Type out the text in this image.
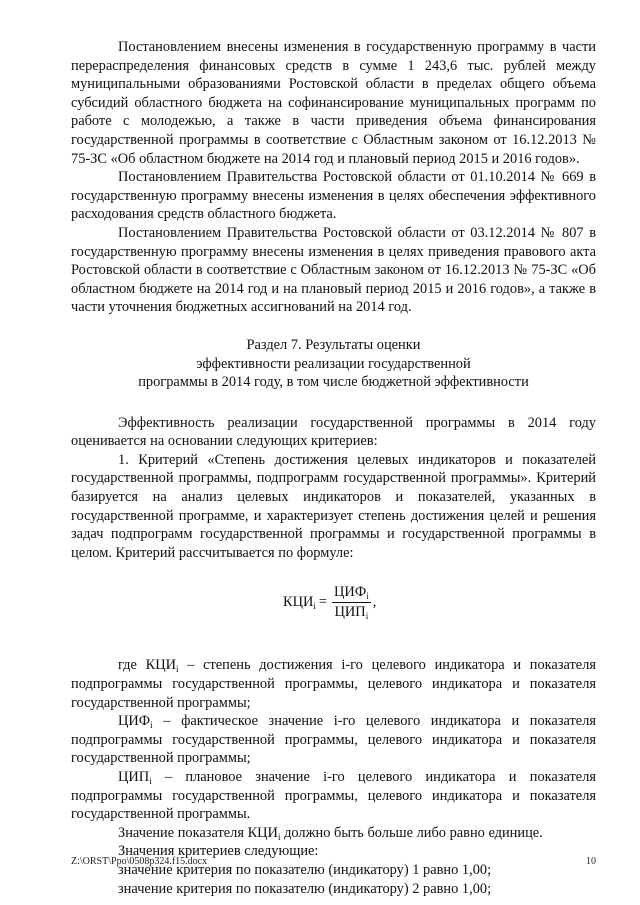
Постановлением внесены изменения в государственную программу в части перераспределения финансовых средств в сумме 1 243,6 тыс. рублей между муниципальными образованиями Ростовской области в пределах общего объема субсидий областного бюджета на софинансирование муниципальных программ по работе с молодежью, а также в части приведения объема финансирования государственной программы в соответствие с Областным законом от 16.12.2013 № 75-ЗС «Об областном бюджете на 2014 год и плановый период 2015 и 2016 годов».

Постановлением Правительства Ростовской области от 01.10.2014 № 669 в государственную программу внесены изменения в целях обеспечения эффективного расходования средств областного бюджета.

Постановлением Правительства Ростовской области от 03.12.2014 № 807 в государственную программу внесены изменения в целях приведения правового акта Ростовской области в соответствие с Областным законом от 16.12.2013 № 75-ЗС «Об областном бюджете на 2014 год и на плановый период 2015 и 2016 годов», а также в части уточнения бюджетных ассигнований на 2014 год.

Раздел 7. Результаты оценки
эффективности реализации государственной
программы в 2014 году, в том числе бюджетной эффективности

Эффективность реализации государственной программы в 2014 году оценивается на основании следующих критериев:

1. Критерий «Степень достижения целевых индикаторов и показателей государственной программы, подпрограмм государственной программы». Критерий базируется на анализ целевых индикаторов и показателей, указанных в государственной программе, и характеризует степень достижения целей и решения задач подпрограмм государственной программы и государственной программы в целом. Критерий рассчитывается по формуле:

$КЦИ_i = \frac{ЦИФ_i}{ЦИП_i}$ ,

где $КЦИ_i$ – степень достижения i-го целевого индикатора и показателя подпрограммы государственной программы, целевого индикатора и показателя государственной программы;

$ЦИФ_i$ – фактическое значение i-го целевого индикатора и показателя подпрограммы государственной программы, целевого индикатора и показателя государственной программы;

$ЦИП_i$ – плановое значение i-го целевого индикатора и показателя подпрограммы государственной программы, целевого индикатора и показателя государственной программы.

Значение показателя $КЦИ_i$ должно быть больше либо равно единице.

Значения критериев следующие:

значение критерия по показателю (индикатору) 1 равно 1,00;

значение критерия по показателю (индикатору) 2 равно 1,00;

Z:\ORST\Ppo\0508p324.f15.docx	10
